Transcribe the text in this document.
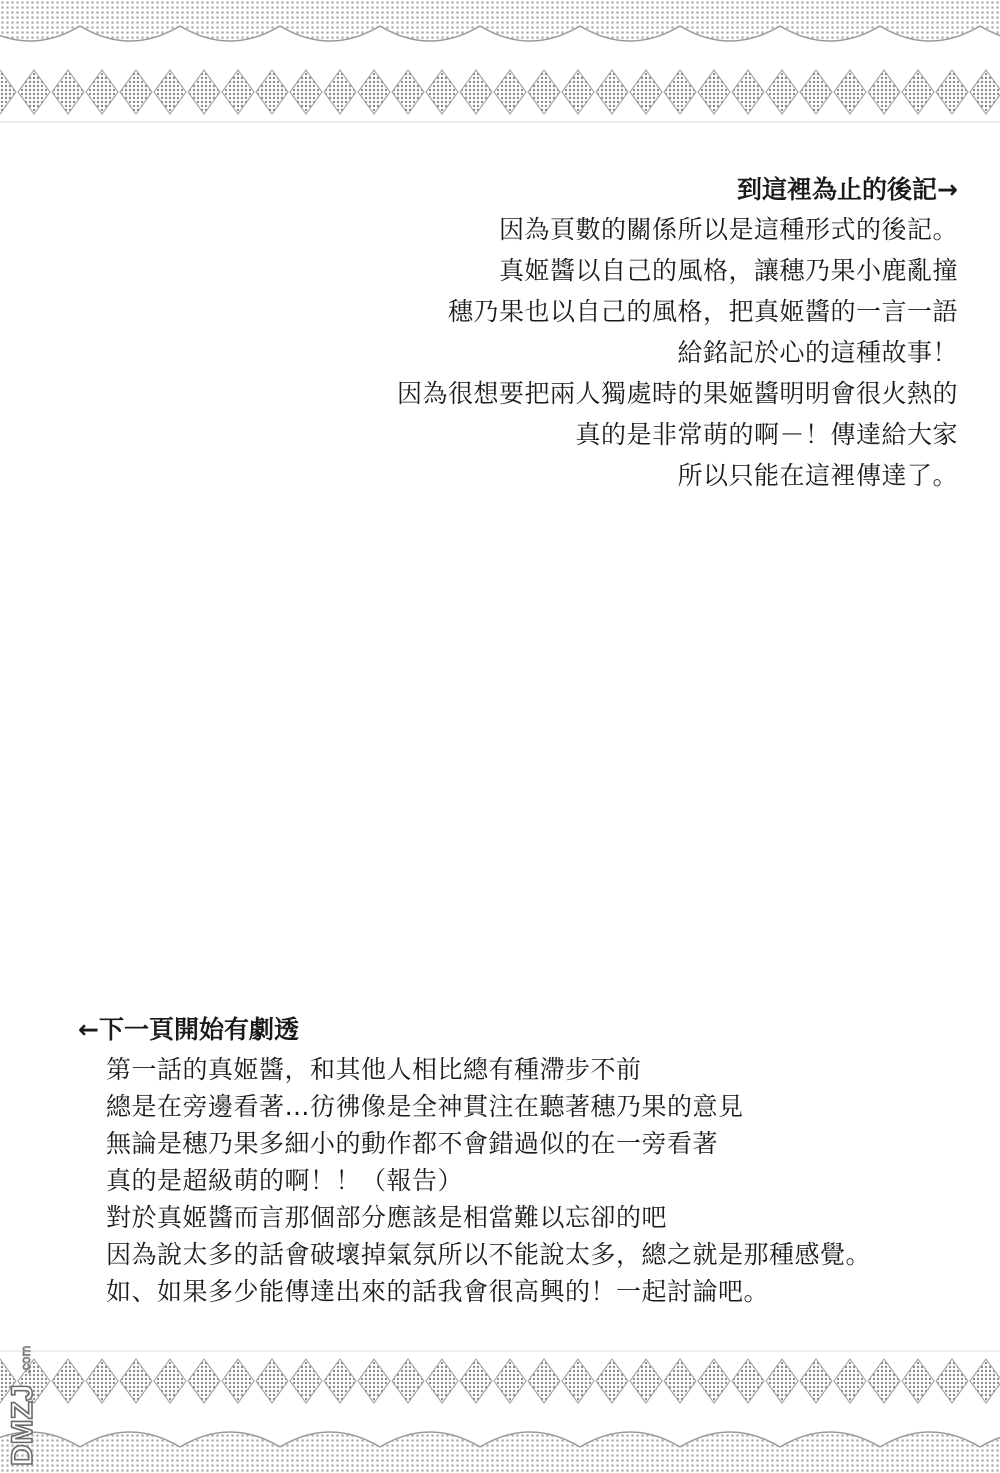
到這裡為止的後記→
因為頁數的關係所以是這種形式的後記。
真姬醬以自己的風格，讓穗乃果小鹿亂撞
穗乃果也以自己的風格，把真姬醬的一言一語
給銘記於心的這種故事！
因為很想要把兩人獨處時的果姬醬明明會很火熱的
真的是非常萌的啊－！傳達給大家
所以只能在這裡傳達了。
←下一頁開始有劇透
第一話的真姬醬，和其他人相比總有種滯步不前
總是在旁邊看著…彷彿像是全神貫注在聽著穗乃果的意見
無論是穗乃果多細小的動作都不會錯過似的在一旁看著
真的是超級萌的啊！！（報告）
對於真姬醬而言那個部分應該是相當難以忘卻的吧
因為說太多的話會破壞掉氣氛所以不能說太多，總之就是那種感覺。
如、如果多少能傳達出來的話我會很高興的！一起討論吧。
DMZJ
.com
